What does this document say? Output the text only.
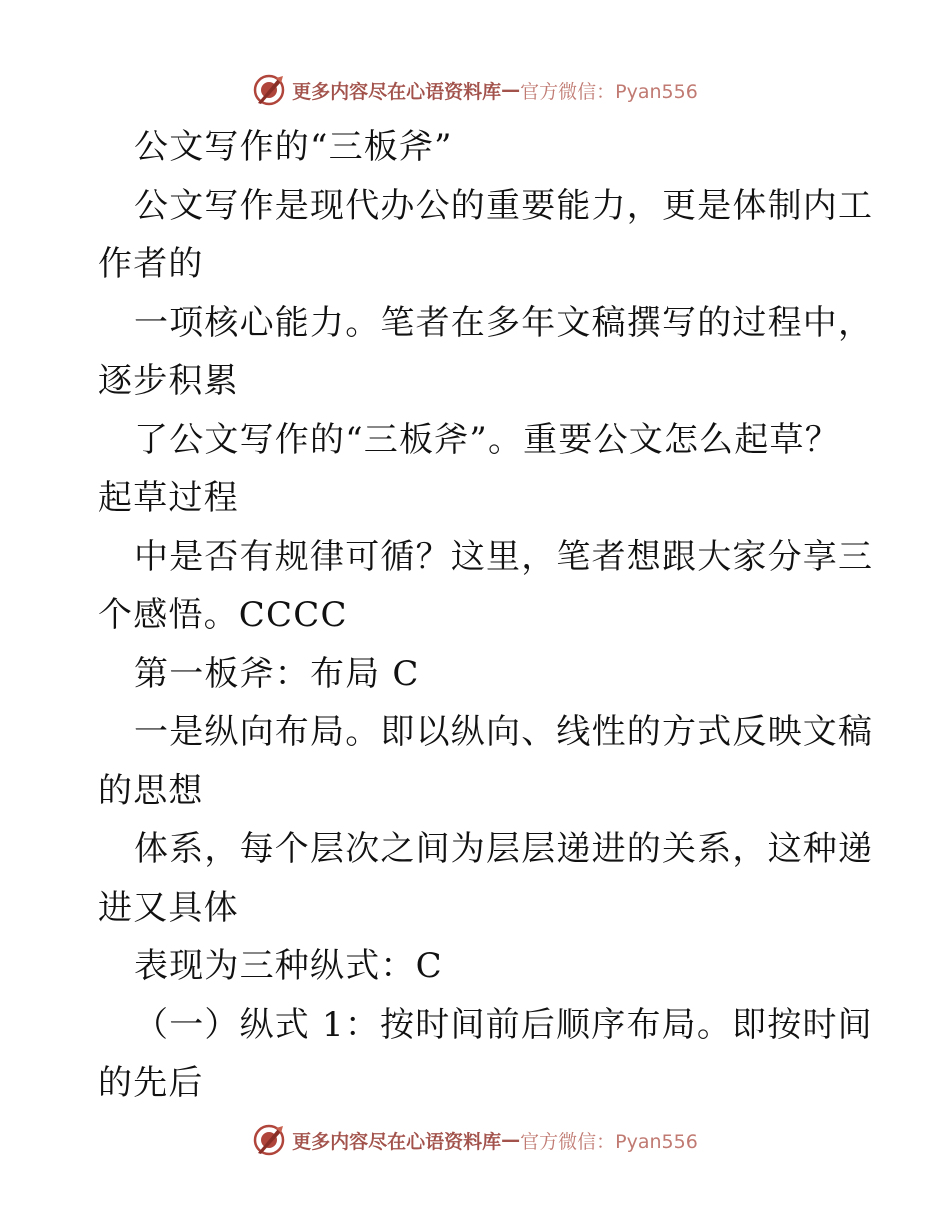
更多内容尽在心语资料库 — 官方微信：Pyan556
公文写作的“三板斧”
公文写作是现代办公的重要能力，更是体制内工
作者的
一项核心能力。笔者在多年文稿撰写的过程中，
逐步积累
了公文写作的“三板斧”。重要公文怎么起草？
起草过程
中是否有规律可循？这里，笔者想跟大家分享三
个感悟。CCCC
第一板斧：布局 C
一是纵向布局。即以纵向、线性的方式反映文稿
的思想
体系，每个层次之间为层层递进的关系，这种递
进又具体
表现为三种纵式：C
（一）纵式 1：按时间前后顺序布局。即按时间
的先后
更多内容尽在心语资料库 — 官方微信：Pyan556
